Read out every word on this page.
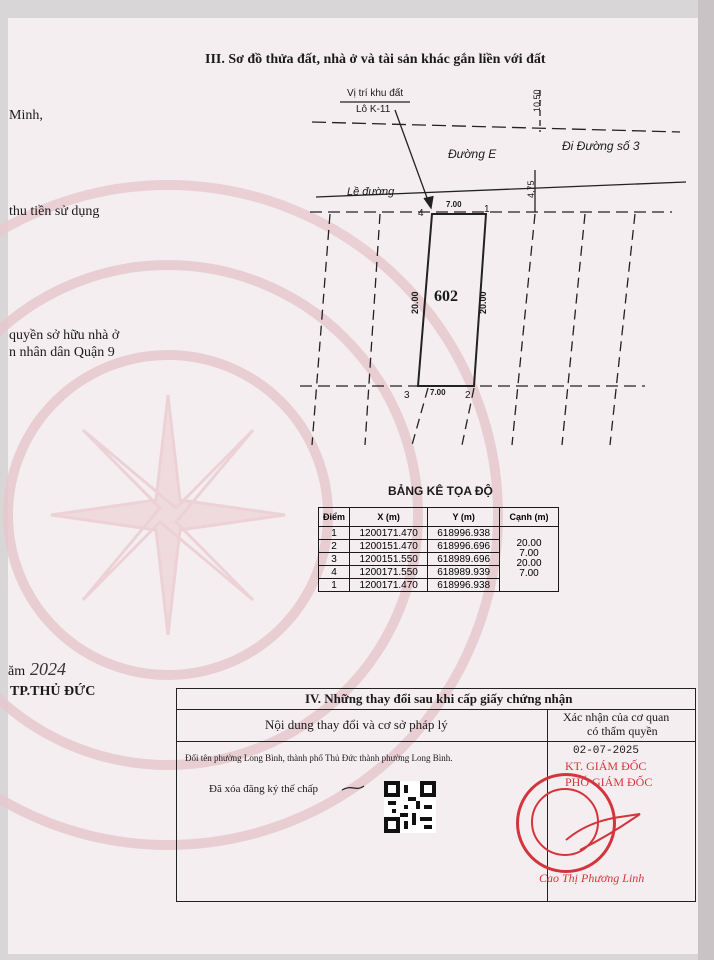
III. Sơ đồ thửa đất, nhà ở và tài sản khác gắn liền với đất
Minh,
thu tiền sử dụng
quyền sở hữu nhà ở
n nhân dân Quận 9
ăm 2024
TP.THỦ ĐỨC
Vị trí khu đất
Lô K-11
Đường E
Đi Đường số 3
Lề đường
10,50
4,75
602
7.00
7.00
20.00	20.00
1
2
3
4
BẢNG KÊ TỌA ĐỘ
Điểm	X (m)	Y (m)	Cạnh (m)
1	1200171.470	618996.938	20.00
7.00
20.00
7.00

2	1200151.470	618996.696	
3	1200151.550	618989.696	
4	1200171.550	618989.939	
1	1200171.470	618996.938	
IV. Những thay đổi sau khi cấp giấy chứng nhận
Nội dung thay đổi và cơ sở pháp lý	Xác nhận của cơ quan
có thẩm quyền
Đổi tên phường Long Bình, thành phố Thủ Đức thành phường Long Bình.
Đã xóa đăng ký thế chấp
02-07-2025
KT. GIÁM ĐỐC
PHÓ GIÁM ĐỐC
Cao Thị Phương Linh
